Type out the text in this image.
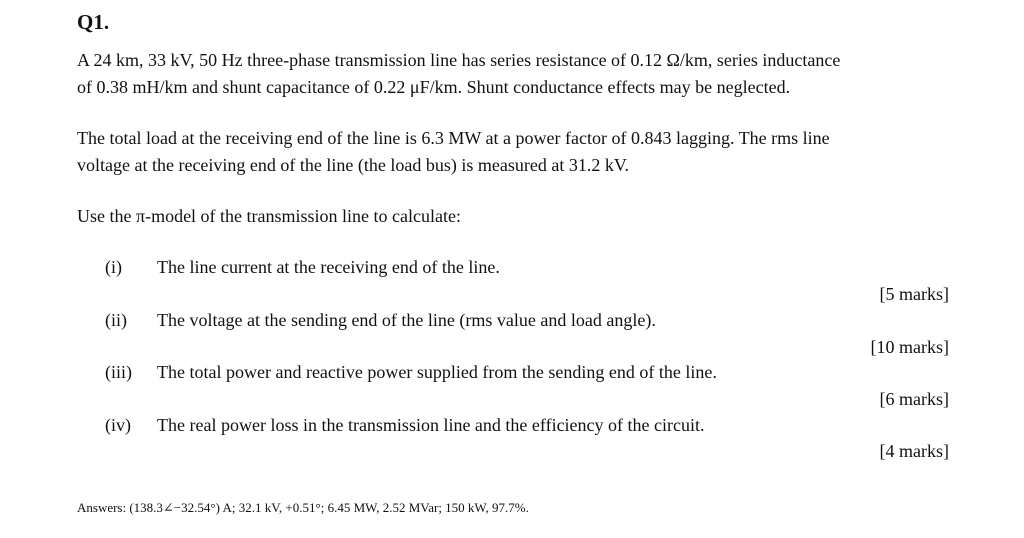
Q1.

A 24 km, 33 kV, 50 Hz three-phase transmission line has series resistance of 0.12 Ω/km, series inductance
of 0.38 mH/km and shunt capacitance of 0.22 μF/km. Shunt conductance effects may be neglected.

The total load at the receiving end of the line is 6.3 MW at a power factor of 0.843 lagging. The rms line
voltage at the receiving end of the line (the load bus) is measured at 31.2 kV.

Use the π-model of the transmission line to calculate:

(i) The line current at the receiving end of the line.
[5 marks]
(ii) The voltage at the sending end of the line (rms value and load angle).
[10 marks]
(iii) The total power and reactive power supplied from the sending end of the line.
[6 marks]
(iv) The real power loss in the transmission line and the efficiency of the circuit.
[4 marks]
Answers: (138.3∠−32.54°) A; 32.1 kV, +0.51°; 6.45 MW, 2.52 MVar; 150 kW, 97.7%.
